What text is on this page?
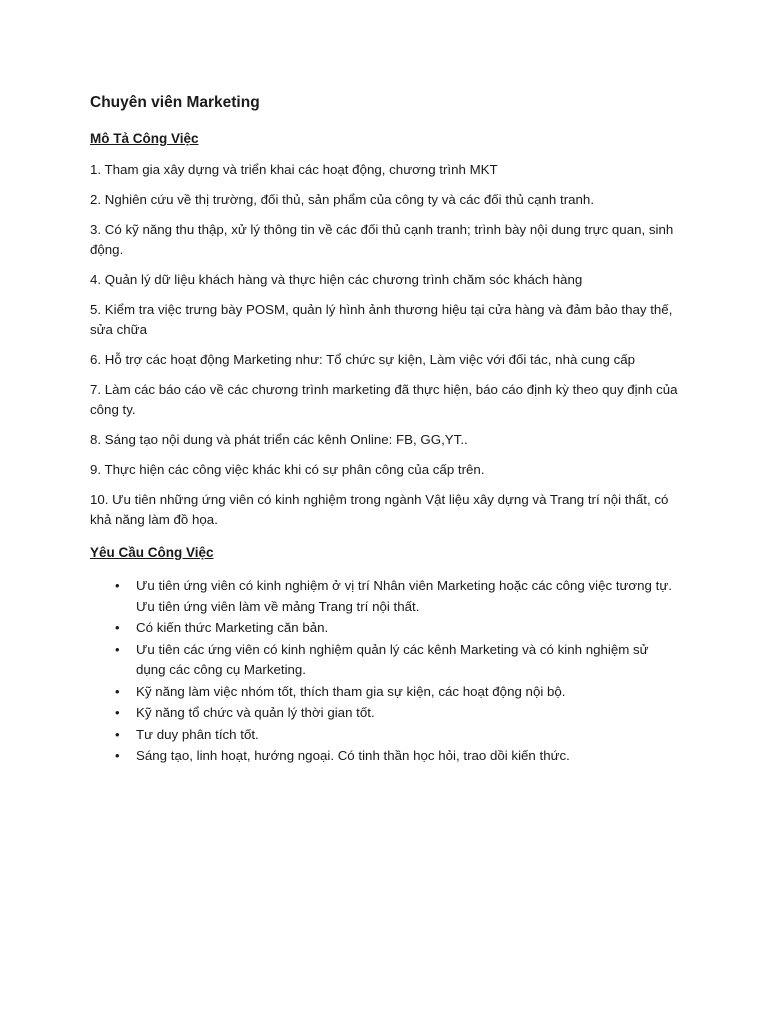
Chuyên viên Marketing
Mô Tả Công Việc

1. Tham gia xây dựng và triển khai các hoạt động, chương trình MKT

2. Nghiên cứu về thị trường, đối thủ, sản phẩm của công ty và các đối thủ cạnh tranh.

3. Có kỹ năng thu thập, xử lý thông tin về các đối thủ cạnh tranh; trình bày nội dung trực quan, sinh động.

4. Quản lý dữ liệu khách hàng và thực hiện các chương trình chăm sóc khách hàng

5. Kiểm tra việc trưng bày POSM, quản lý hình ảnh thương hiệu tại cửa hàng và đảm bảo thay thế, sửa chữa

6. Hỗ trợ các hoạt động Marketing như: Tổ chức sự kiện, Làm việc với đối tác, nhà cung cấp

7. Làm các báo cáo về các chương trình marketing đã thực hiện, báo cáo định kỳ theo quy định của công ty.

8. Sáng tạo nội dung và phát triển các kênh Online: FB, GG,YT..

9. Thực hiện các công việc khác khi có sự phân công của cấp trên.

10. Ưu tiên những ứng viên có kinh nghiệm trong ngành Vật liệu xây dựng và Trang trí nội thất, có khả năng làm đồ họa.

Yêu Cầu Công Việc
• Ưu tiên ứng viên có kinh nghiệm ở vị trí Nhân viên Marketing hoặc các công việc tương tự. Ưu tiên ứng viên làm về mảng Trang trí nội thất.
• Có kiến thức Marketing căn bản.
• Ưu tiên các ứng viên có kinh nghiệm quản lý các kênh Marketing và có kinh nghiệm sử dụng các công cụ Marketing.
• Kỹ năng làm việc nhóm tốt, thích tham gia sự kiện, các hoạt động nội bộ.
• Kỹ năng tổ chức và quản lý thời gian tốt.
• Tư duy phân tích tốt.
• Sáng tạo, linh hoạt, hướng ngoại. Có tinh thần học hỏi, trao dồi kiến thức.
